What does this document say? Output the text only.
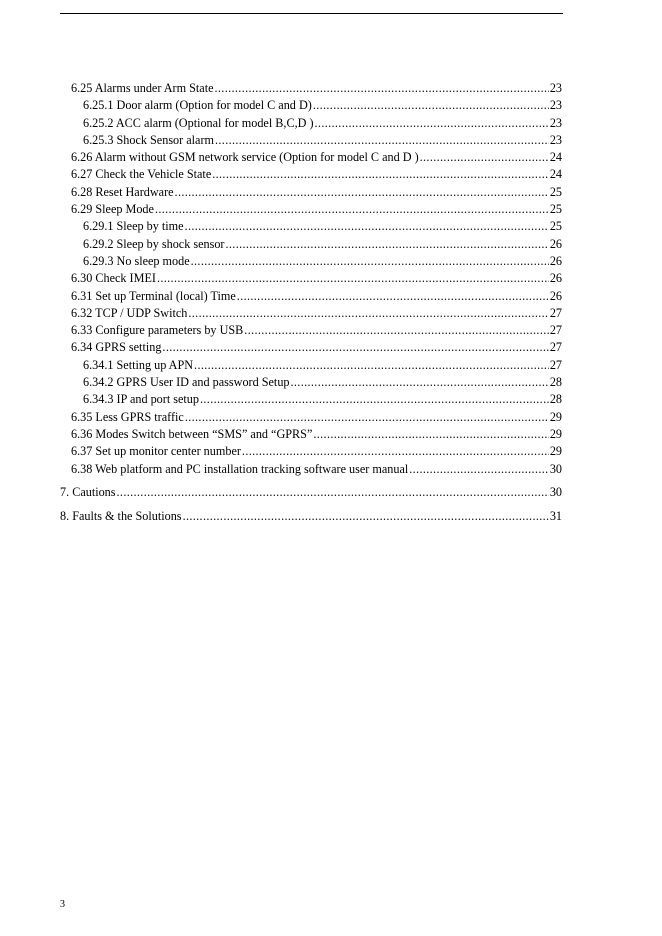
6.25 Alarms under Arm State .....	23
6.25.1 Door alarm (Option for model C and D) .....	23
6.25.2 ACC alarm (Optional for model B,C,D ) .....	23
6.25.3 Shock Sensor alarm .....	23
6.26 Alarm without GSM network service (Option for model C and D ) .....	24
6.27 Check the Vehicle State .....	24
6.28 Reset Hardware .....	25
6.29 Sleep Mode .....	25
6.29.1 Sleep by time .....	25
6.29.2 Sleep by shock sensor .....	26
6.29.3 No sleep mode .....	26
6.30 Check IMEI .....	26
6.31 Set up Terminal (local) Time .....	26
6.32 TCP / UDP Switch .....	27
6.33 Configure parameters by USB .....	27
6.34 GPRS setting .....	27
6.34.1 Setting up APN .....	27
6.34.2 GPRS User ID and password Setup .....	28
6.34.3 IP and port setup .....	28
6.35 Less GPRS traffic .....	29
6.36 Modes Switch between “SMS” and “GPRS” .....	29
6.37 Set up monitor center number .....	29
6.38 Web platform and PC installation tracking software user manual .....	30
7. Cautions .....	30
8. Faults & the Solutions .....	31
3
